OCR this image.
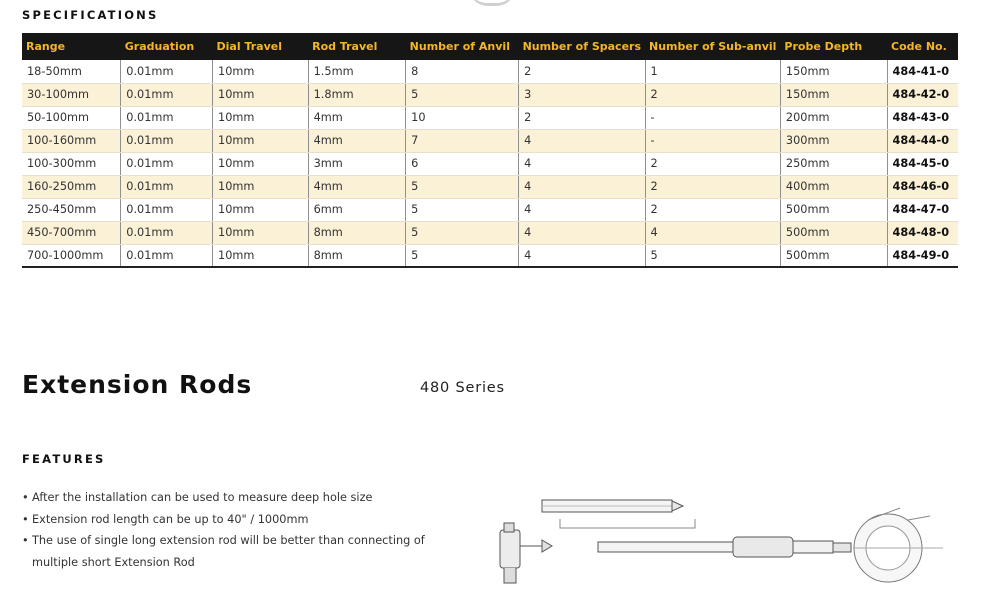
SPECIFICATIONS
Range	Graduation	Dial Travel	Rod Travel	Number of Anvil	Number of Spacers	Number of Sub-anvil	Probe Depth	Code No.
18-50mm	0.01mm	10mm	1.5mm	8	2	1	150mm	484-41-0
30-100mm	0.01mm	10mm	1.8mm	5	3	2	150mm	484-42-0
50-100mm	0.01mm	10mm	4mm	10	2	-	200mm	484-43-0
100-160mm	0.01mm	10mm	4mm	7	4	-	300mm	484-44-0
100-300mm	0.01mm	10mm	3mm	6	4	2	250mm	484-45-0
160-250mm	0.01mm	10mm	4mm	5	4	2	400mm	484-46-0
250-450mm	0.01mm	10mm	6mm	5	4	2	500mm	484-47-0
450-700mm	0.01mm	10mm	8mm	5	4	4	500mm	484-48-0
700-1000mm	0.01mm	10mm	8mm	5	4	5	500mm	484-49-0
Extension Rods	480 Series
FEATURES
• After the installation can be used to measure deep hole size
• Extension rod length can be up to 40" / 1000mm
• The use of single long extension rod will be better than connecting of multiple short Extension Rod
